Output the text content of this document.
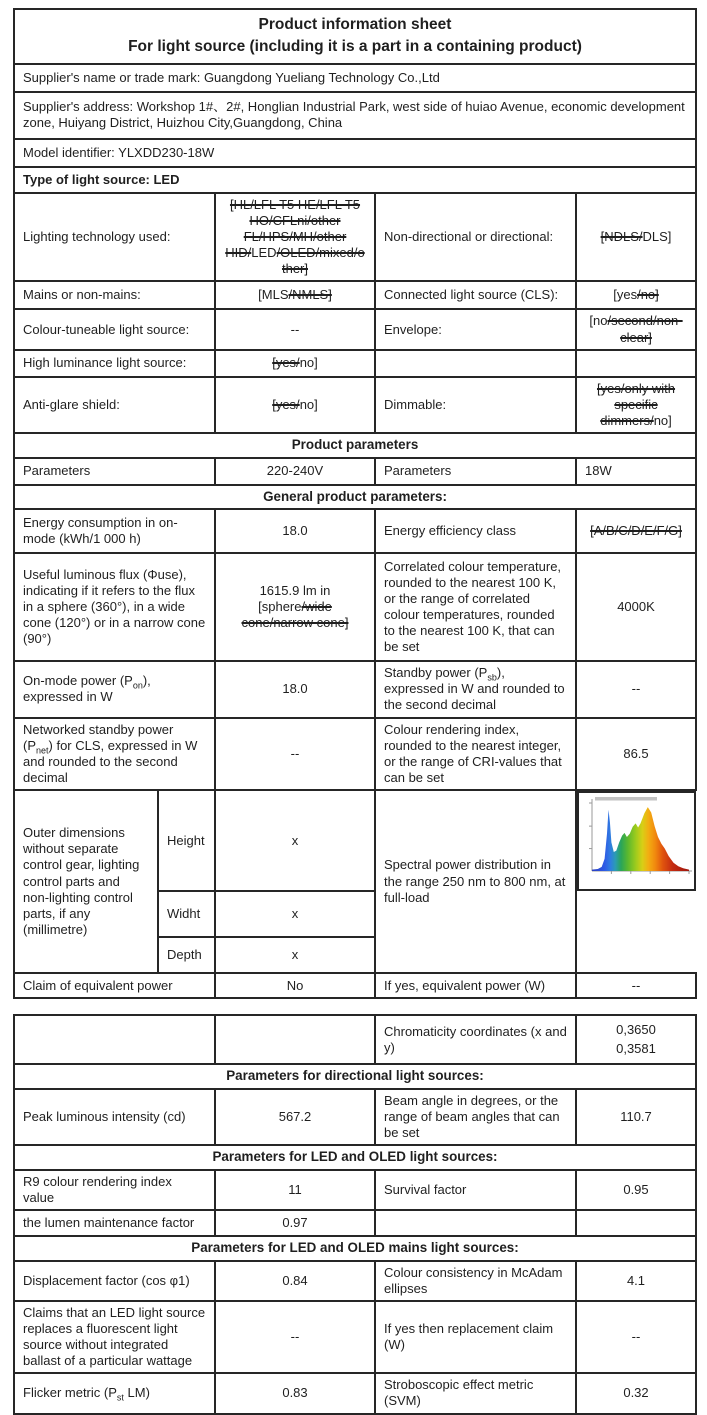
Product information sheet
For light source (including it is a part in a containing product)				

Supplier's name or trade mark: Guangdong Yueliang Technology Co.,Ltd				
Supplier's address: Workshop 1#、2#, Honglian Industrial Park, west side of huiao Avenue, economic development zone, Huiyang District, Huizhou City,Guangdong, China				
Model identifier: YLXDD230-18W				
Type of light source: LED				
Lighting technology used:		[HL/LFL T5 HE/LFL T5 HO/CFLni/other FL/HPS/MH/other HID/LED/OLED/mixed/other]	Non-directional or directional:	[NDLS/DLS]
Mains or non-mains:		[MLS/NMLS]	Connected light source (CLS):	[yes/no]
Colour-tuneable light source:		--	Envelope:	[no/second/non-clear]
High luminance light source:		[yes/no]		
Anti-glare shield:		[yes/no]	Dimmable:	[yes/only with specific dimmers/no]
Product parameters				
Parameters		220-240V	Parameters	18W
General product parameters:				
Energy consumption in on-mode (kWh/1 000 h)		18.0	Energy efficiency class	[A/B/C/D/E/F/G]
Useful luminous flux (Φuse), indicating if it refers to the flux in a sphere (360°), in a wide cone (120°) or in a narrow cone (90°)		1615.9 lm in [sphere/wide cone/narrow cone]	Correlated colour temperature, rounded to the nearest 100 K, or the range of correlated colour temperatures, rounded to the nearest 100 K, that can be set	4000K
On-mode power $(P_{on})$, expressed in W		18.0	Standby power $(P_{sb})$, expressed in W and rounded to the second decimal	--
Networked standby power $(P_{net})$ for CLS, expressed in W and rounded to the second decimal		--	Colour rendering index, rounded to the nearest integer, or the range of CRI-values that can be set	86.5
Outer dimensions without separate control gear, lighting control parts and non-lighting control parts, if any (millimetre)	Height	x	Spectral power distribution in the range 250 nm to 800 nm, at full-load	

	Widht	x		
	Depth	x		
Claim of equivalent power		No	If yes, equivalent power (W)	--
		Chromaticity coordinates (x and y)	0,3650
0,3581

Parameters for directional light sources:			
Peak luminous intensity (cd)	567.2	Beam angle in degrees, or the range of beam angles that can be set	110.7
Parameters for LED and OLED light sources:			
R9 colour rendering index value	11	Survival factor	0.95
the lumen maintenance factor	0.97		
Parameters for LED and OLED mains light sources:			
Displacement factor (cos φ1)	0.84	Colour consistency in McAdam ellipses	4.1
Claims that an LED light source replaces a fluorescent light source without integrated ballast of a particular wattage	--	If yes then replacement claim (W)	--
Flicker metric ($P_{st}$ LM)	0.83	Stroboscopic effect metric (SVM)	0.32
